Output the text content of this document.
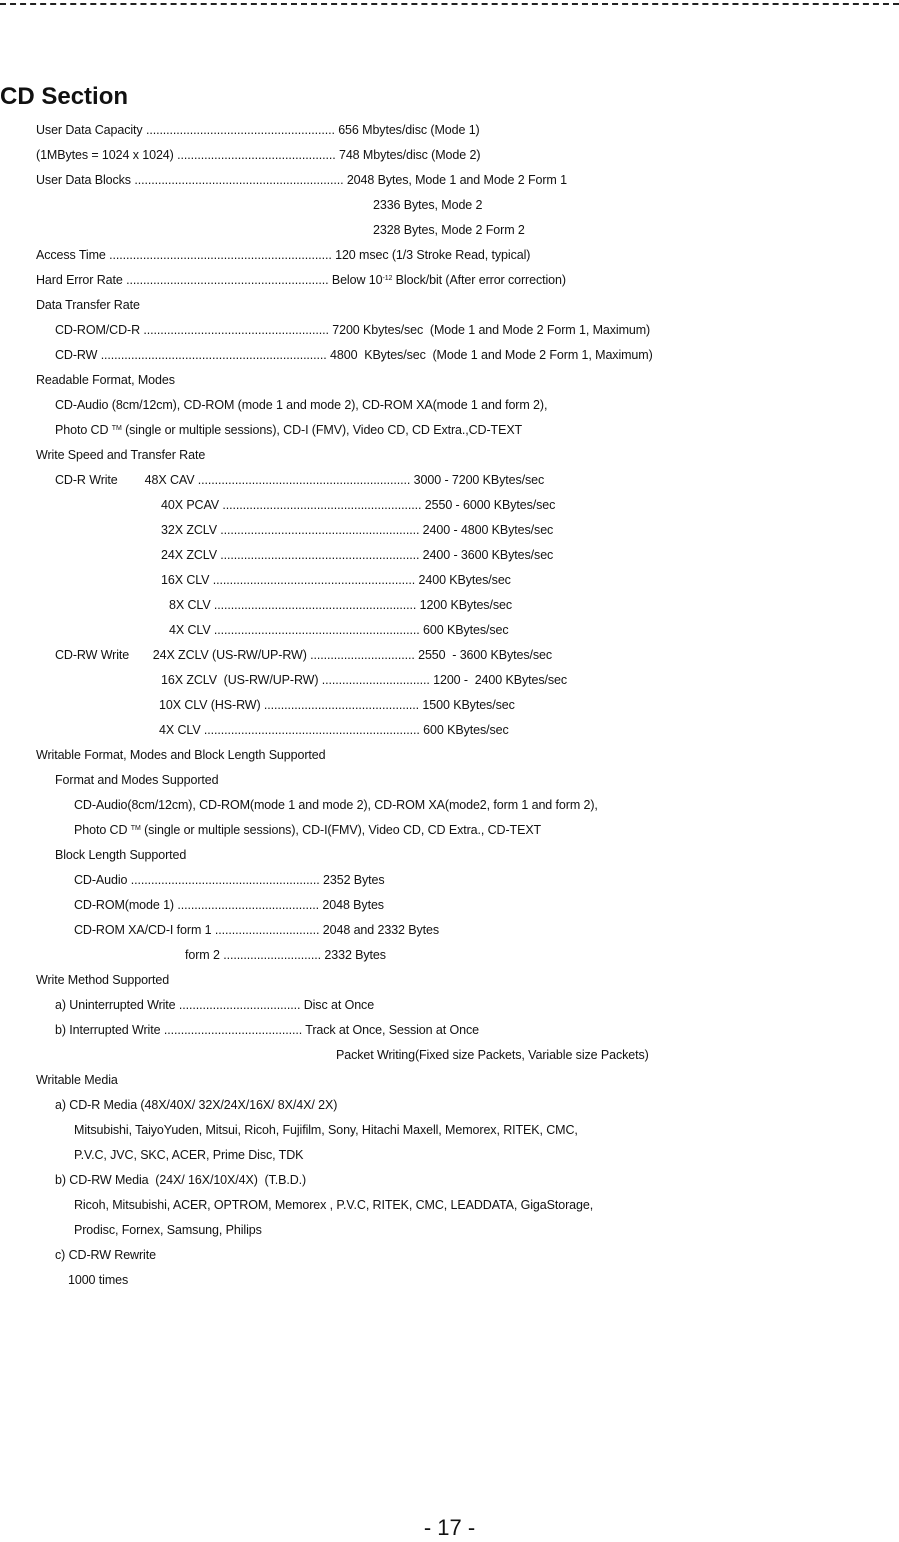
CD Section
User Data Capacity ........................................................ 656 Mbytes/disc (Mode 1)
(1MBytes = 1024 x 1024) ............................................... 748 Mbytes/disc (Mode 2)
User Data Blocks .............................................................. 2048 Bytes, Mode 1 and Mode 2 Form 1
2336 Bytes, Mode 2
2328 Bytes, Mode 2 Form 2
Access Time .................................................................. 120 msec (1/3 Stroke Read, typical)
Hard Error Rate ............................................................ Below $10^{-12}$ Block/bit (After error correction)
Data Transfer Rate
CD-ROM/CD-R ....................................................... 7200 Kbytes/sec  (Mode 1 and Mode 2 Form 1, Maximum)
CD-RW ................................................................... 4800  KBytes/sec  (Mode 1 and Mode 2 Form 1, Maximum)
Readable Format, Modes
CD-Audio (8cm/12cm), CD-ROM (mode 1 and mode 2), CD-ROM XA(mode 1 and form 2),
Photo CD ™ (single or multiple sessions), CD-I (FMV), Video CD, CD Extra.,CD-TEXT
Write Speed and Transfer Rate
CD-R Write        48X CAV ............................................................... 3000 - 7200 KBytes/sec
40X PCAV ........................................................... 2550 - 6000 KBytes/sec
32X ZCLV ........................................................... 2400 - 4800 KBytes/sec
24X ZCLV ........................................................... 2400 - 3600 KBytes/sec
16X CLV ............................................................ 2400 KBytes/sec
8X CLV ............................................................ 1200 KBytes/sec
4X CLV ............................................................. 600 KBytes/sec
CD-RW Write       24X ZCLV (US-RW/UP-RW) ............................... 2550  - 3600 KBytes/sec
16X ZCLV  (US-RW/UP-RW) ................................ 1200 -  2400 KBytes/sec
10X CLV (HS-RW) .............................................. 1500 KBytes/sec
4X CLV ................................................................ 600 KBytes/sec
Writable Format, Modes and Block Length Supported
Format and Modes Supported
CD-Audio(8cm/12cm), CD-ROM(mode 1 and mode 2), CD-ROM XA(mode2, form 1 and form 2),
Photo CD ™ (single or multiple sessions), CD-I(FMV), Video CD, CD Extra., CD-TEXT
Block Length Supported
CD-Audio ........................................................ 2352 Bytes
CD-ROM(mode 1) .......................................... 2048 Bytes
CD-ROM XA/CD-I form 1 ............................... 2048 and 2332 Bytes
form 2 ............................. 2332 Bytes
Write Method Supported
a) Uninterrupted Write .................................... Disc at Once
b) Interrupted Write ......................................... Track at Once, Session at Once
Packet Writing(Fixed size Packets, Variable size Packets)
Writable Media
a) CD-R Media (48X/40X/ 32X/24X/16X/ 8X/4X/ 2X)
Mitsubishi, TaiyoYuden, Mitsui, Ricoh, Fujifilm, Sony, Hitachi Maxell, Memorex, RITEK, CMC,
P.V.C, JVC, SKC, ACER, Prime Disc, TDK
b) CD-RW Media  (24X/ 16X/10X/4X)  (T.B.D.)
Ricoh, Mitsubishi, ACER, OPTROM, Memorex , P.V.C, RITEK, CMC, LEADDATA, GigaStorage,
Prodisc, Fornex, Samsung, Philips
c) CD-RW Rewrite
1000 times
- 17 -
